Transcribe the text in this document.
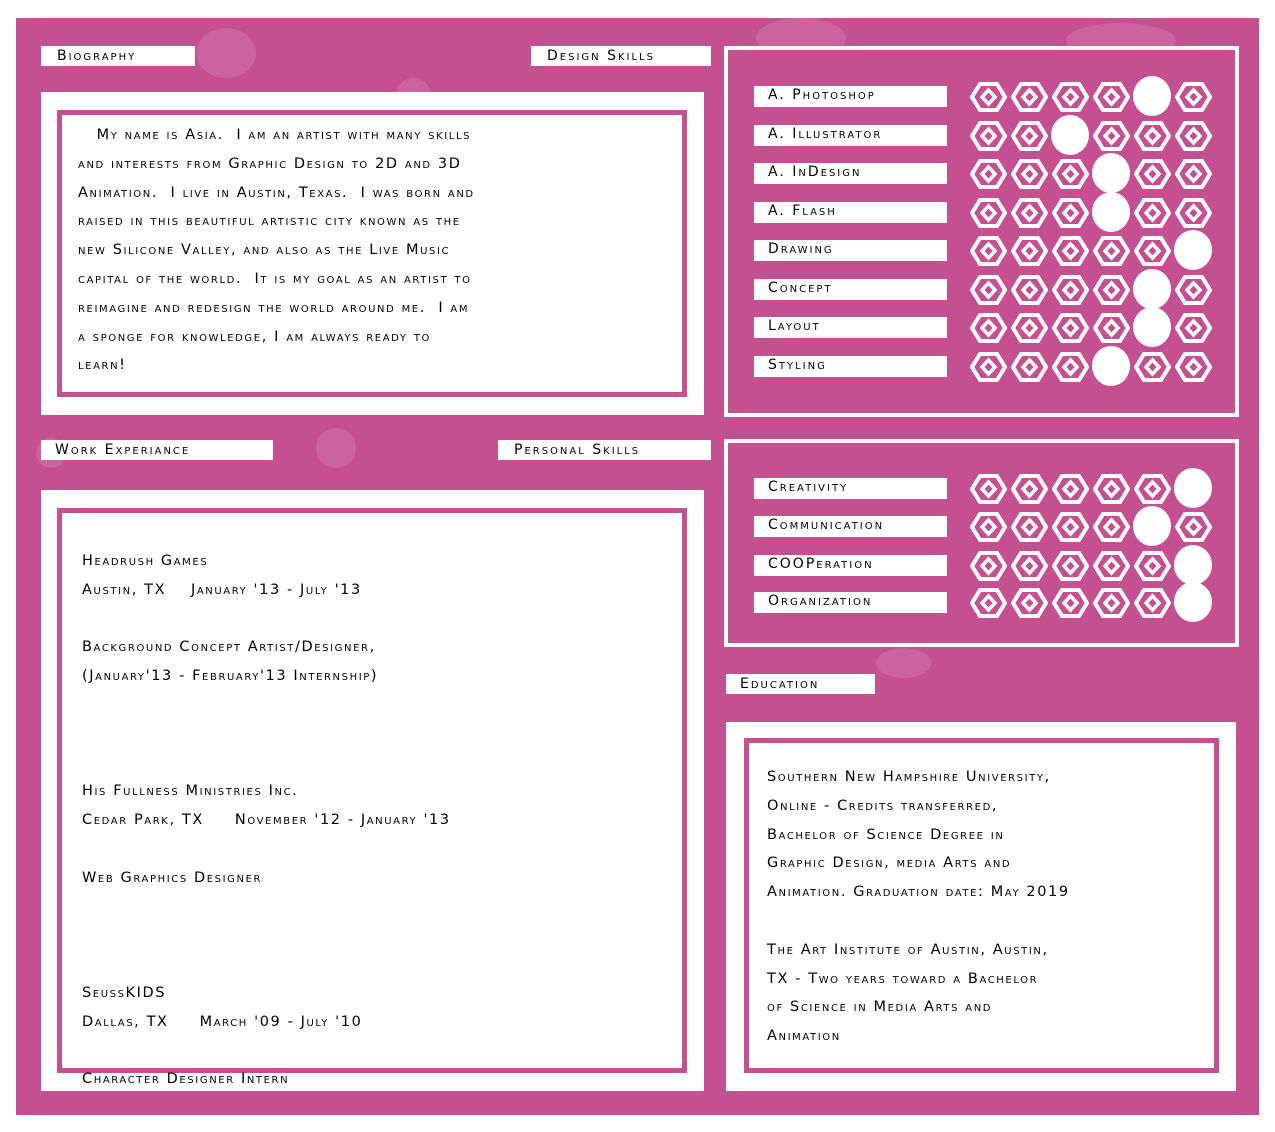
Biography
My name is Asia.  I am an artist with many skills
and interests from Graphic Design to 2D and 3D
Animation.  I live in Austin, Texas.  I was born and
raised in this beautiful artistic city known as the
new Silicone Valley, and also as the Live Music
capital of the world.  It is my goal as an artist to
reimagine and redesign the world around me.  I am
a sponge for knowledge, I am always ready to
learn!
Design Skills
A. Photoshop
A. Illustrator
A. InDesign
A. Flash
Drawing
Concept
Layout
Styling
Work Experiance
Headrush Games
Austin, TX    January '13 - July '13

Background Concept Artist/Designer,
(January'13 - February'13 Internship)

His Fullness Ministries Inc.
Cedar Park, TX     November '12 - January '13

Web Graphics Designer

SeussKIDS
Dallas, TX     March '09 - July '10

Character Designer Intern
Personal Skills
Creativity
Communication
COOPeration
Organization
Education
Southern New Hampshire University,
Online - Credits transferred,
Bachelor of Science Degree in
Graphic Design, media Arts and
Animation. Graduation date: May 2019

The Art Institute of Austin, Austin,
TX - Two years toward a Bachelor
of Science in Media Arts and
Animation
